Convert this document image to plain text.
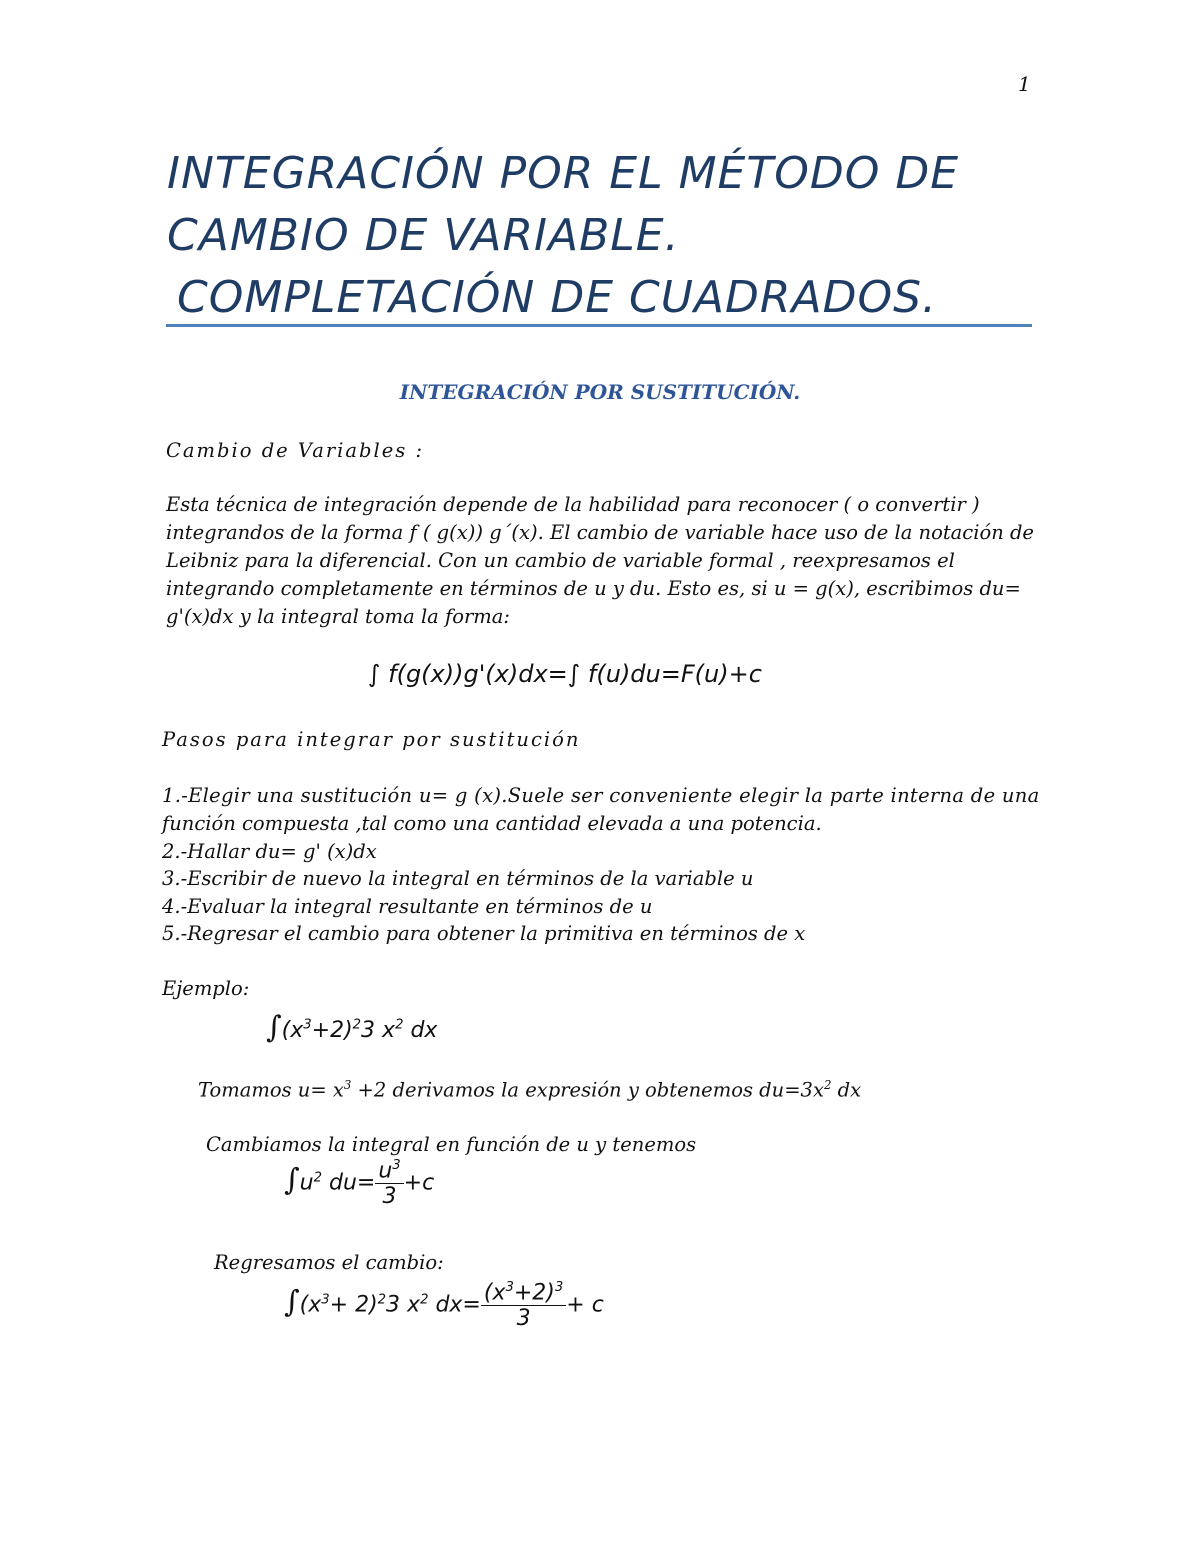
1
INTEGRACIÓN POR EL MÉTODO DE
CAMBIO DE VARIABLE.
COMPLETACIÓN DE CUADRADOS.
INTEGRACIÓN POR SUSTITUCIÓN.
Cambio de Variables :
Esta técnica de integración depende de la habilidad para reconocer ( o convertir )
integrandos de la forma f ( g(x)) g´(x). El cambio de variable hace uso de la notación de
Leibniz para la diferencial. Con un cambio de variable formal , reexpresamos el
integrando completamente en términos de u y du. Esto es, si u = g(x), escribimos du=
g'(x)dx y la integral toma la forma:
∫ f(g(x))g'(x)dx=∫ f(u)du=F(u)+c
Pasos para integrar por sustitución
1.-Elegir una sustitución u= g (x).Suele ser conveniente elegir la parte interna de una
función compuesta ,tal como una cantidad elevada a una potencia.
2.-Hallar du= g' (x)dx
3.-Escribir de nuevo la integral en términos de la variable u
4.-Evaluar la integral resultante en términos de u
5.-Regresar el cambio para obtener la primitiva en términos de x
Ejemplo:
$\int(x^3+2)^23$ $x^2$ dx
Tomamos $u= x^3 +2$ derivamos la expresión y obtenemos $du=3x^2$ dx
Cambiamos la integral en función de u y tenemos
$\int u^2$ $du= \frac{u^3}{3} +c$
Regresamos el cambio:
$\int(x^3+ 2)^23$ $x^2$ $dx= \frac{(x^3+2)^3}{3} + c$
